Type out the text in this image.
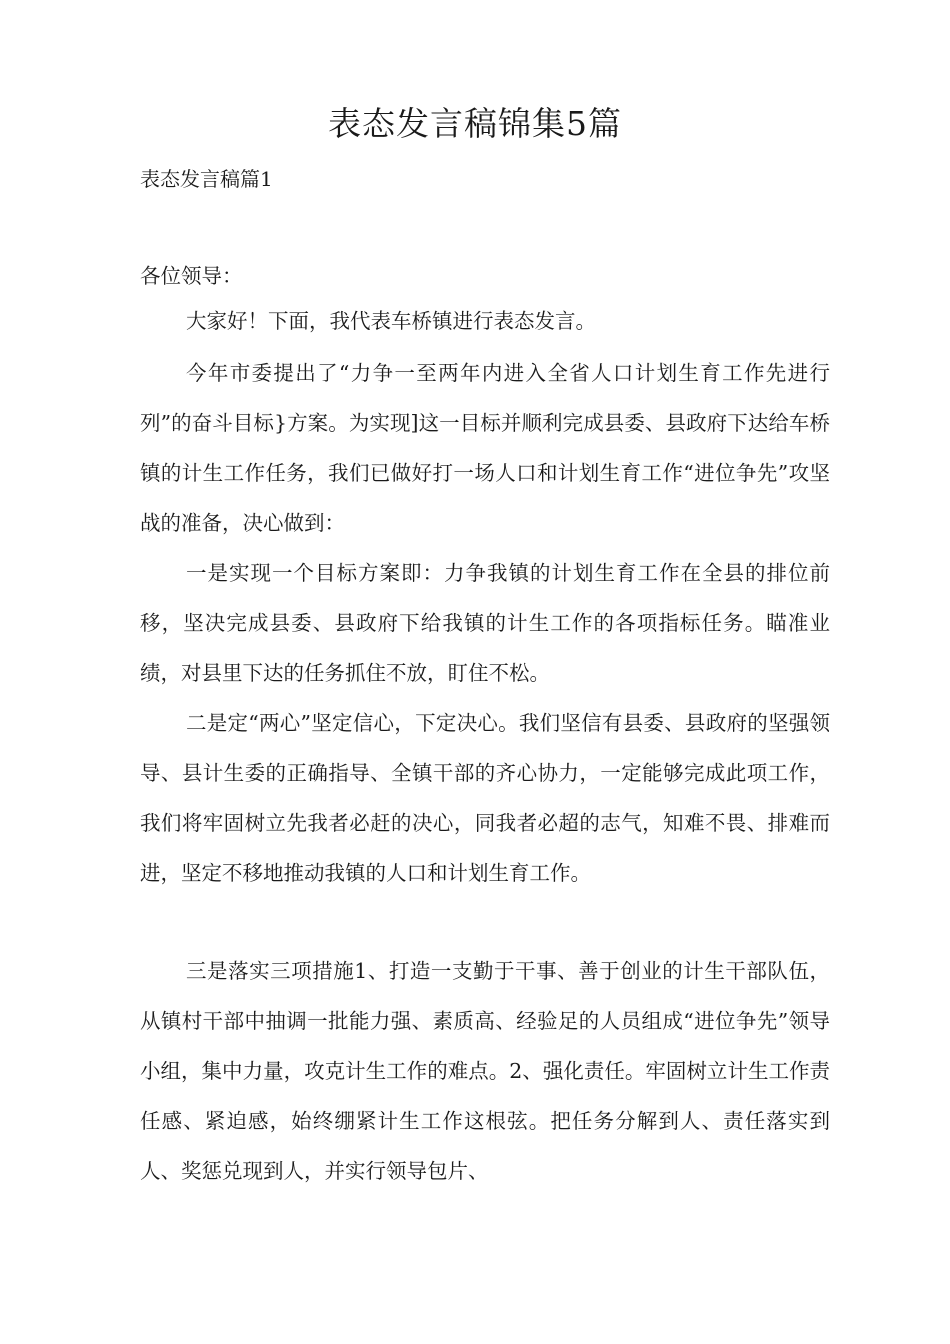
表态发言稿锦集5篇
表态发言稿篇1
各位领导：

大家好！下面，我代表车桥镇进行表态发言。

今年市委提出了“力争一至两年内进入全省人口计划生育工作先进行列”的奋斗目标}方案。为实现]这一目标并顺利完成县委、县政府下达给车桥镇的计生工作任务，我们已做好打一场人口和计划生育工作“进位争先”攻坚战的准备，决心做到：

一是实现一个目标方案即：力争我镇的计划生育工作在全县的排位前移，坚决完成县委、县政府下给我镇的计生工作的各项指标任务。瞄准业绩，对县里下达的任务抓住不放，盯住不松。

二是定“两心”坚定信心，下定决心。我们坚信有县委、县政府的坚强领导、县计生委的正确指导、全镇干部的齐心协力，一定能够完成此项工作，我们将牢固树立先我者必赶的决心，同我者必超的志气，知难不畏、排难而进，坚定不移地推动我镇的人口和计划生育工作。

三是落实三项措施1、打造一支勤于干事、善于创业的计生干部队伍，从镇村干部中抽调一批能力强、素质高、经验足的人员组成“进位争先”领导小组，集中力量，攻克计生工作的难点。2、强化责任。牢固树立计生工作责任感、紧迫感，始终绷紧计生工作这根弦。把任务分解到人、责任落实到人、奖惩兑现到人，并实行领导包片、
